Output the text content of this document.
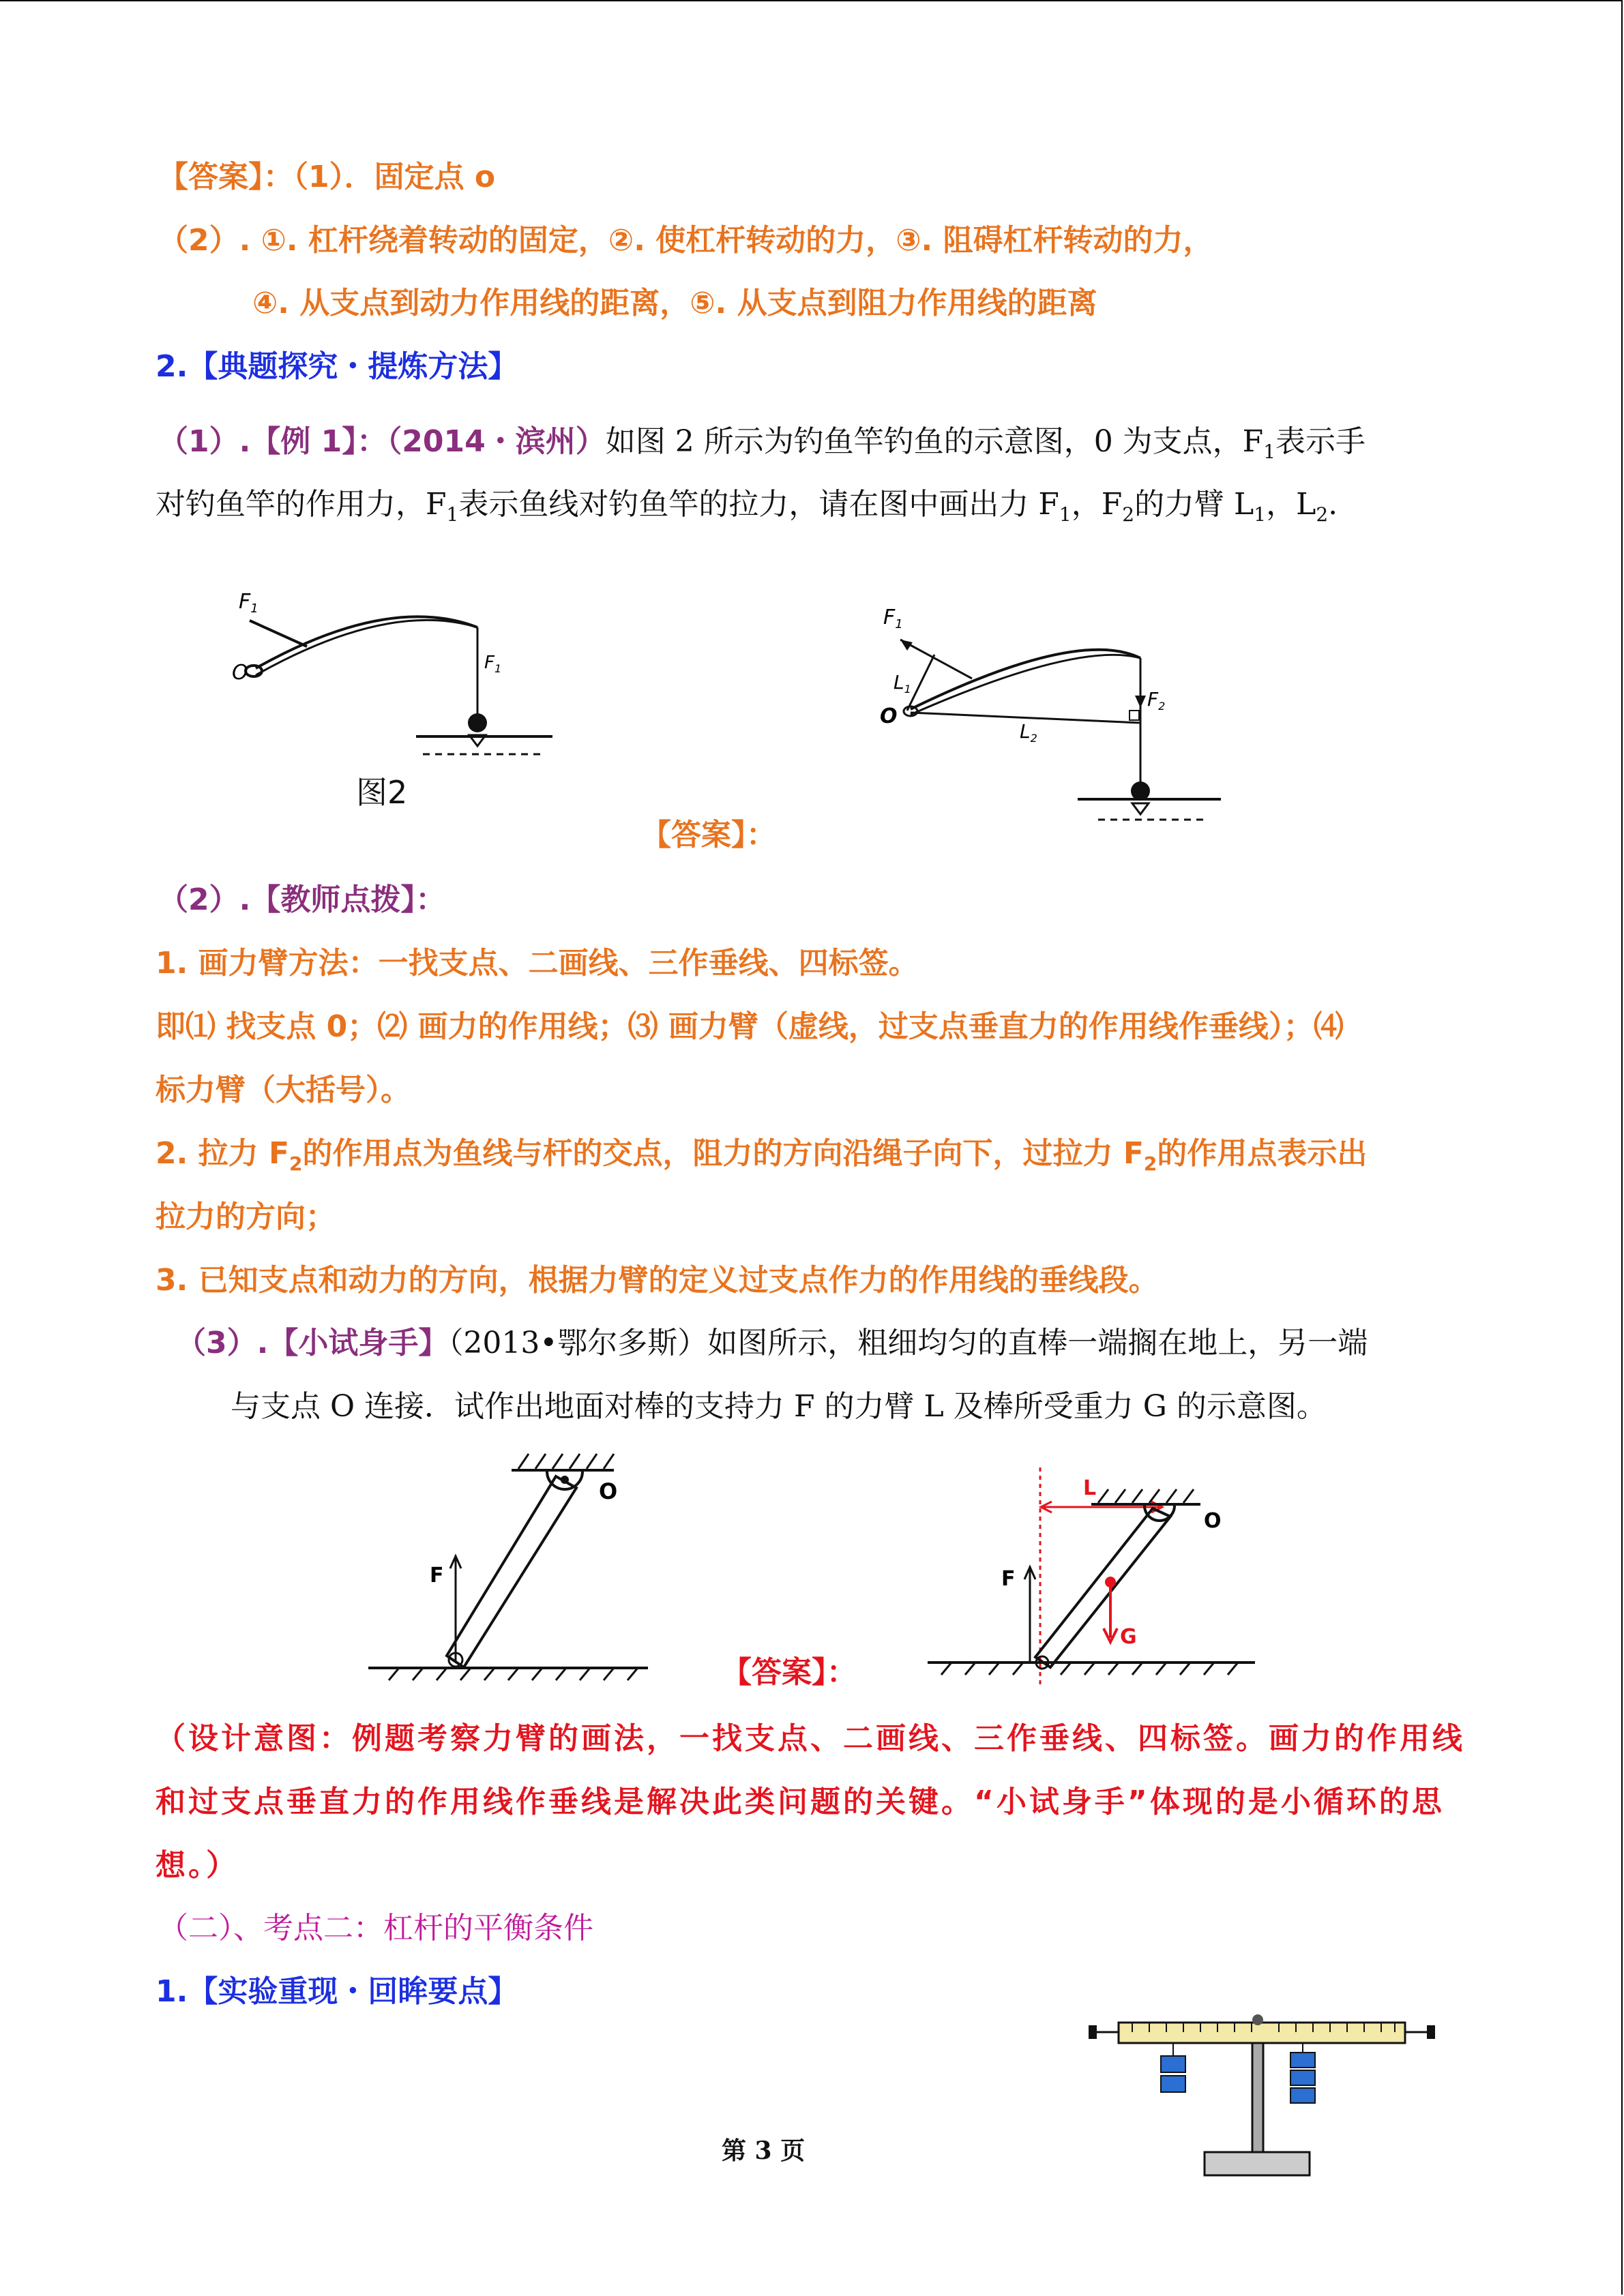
【答案】：（1）．固定点 o
（2）. ①. 杠杆绕着转动的固定，②. 使杠杆转动的力，③. 阻碍杠杆转动的力，
④. 从支点到动力作用线的距离，⑤. 从支点到阻力作用线的距离
2.【典题探究・提炼方法】
（1）.【例 1】：（2014・滨州）如图 2 所示为钓鱼竿钓鱼的示意图，0 为支点，$F_1$表示手
对钓鱼竿的作用力，$F_1$表示鱼线对钓鱼竿的拉力，请在图中画出力 $F_1$，$F_2$的力臂 $L_1$，$L_2$.
$F_1$
O	$F_1$
图2
$F_1$
$L_1$
O
$L_2$
$F_2$
【答案】：
（2）.【教师点拨】：
1. 画力臂方法：一找支点、二画线、三作垂线、四标签。
即⑴ 找支点 0；⑵ 画力的作用线；⑶ 画力臂（虚线，过支点垂直力的作用线作垂线）；⑷
标力臂（大括号）。
2. 拉力 $F_2$的作用点为鱼线与杆的交点，阻力的方向沿绳子向下，过拉力 $F_2$的作用点表示出
拉力的方向；
3. 已知支点和动力的方向，根据力臂的定义过支点作力的作用线的垂线段。
（3）.【小试身手】（2013•鄂尔多斯）如图所示，粗细均匀的直棒一端搁在地上，另一端
与支点 O 连接．试作出地面对棒的支持力 F 的力臂 L 及棒所受重力 G 的示意图。
O
F
【答案】：
L
O
F
G
（设计意图：例题考察力臂的画法，一找支点、二画线、三作垂线、四标签。画力的作用线
和过支点垂直力的作用线作垂线是解决此类问题的关键。“小试身手”体现的是小循环的思
想。）
（二）、考点二：杠杆的平衡条件
1.【实验重现・回眸要点】
第 3 页
